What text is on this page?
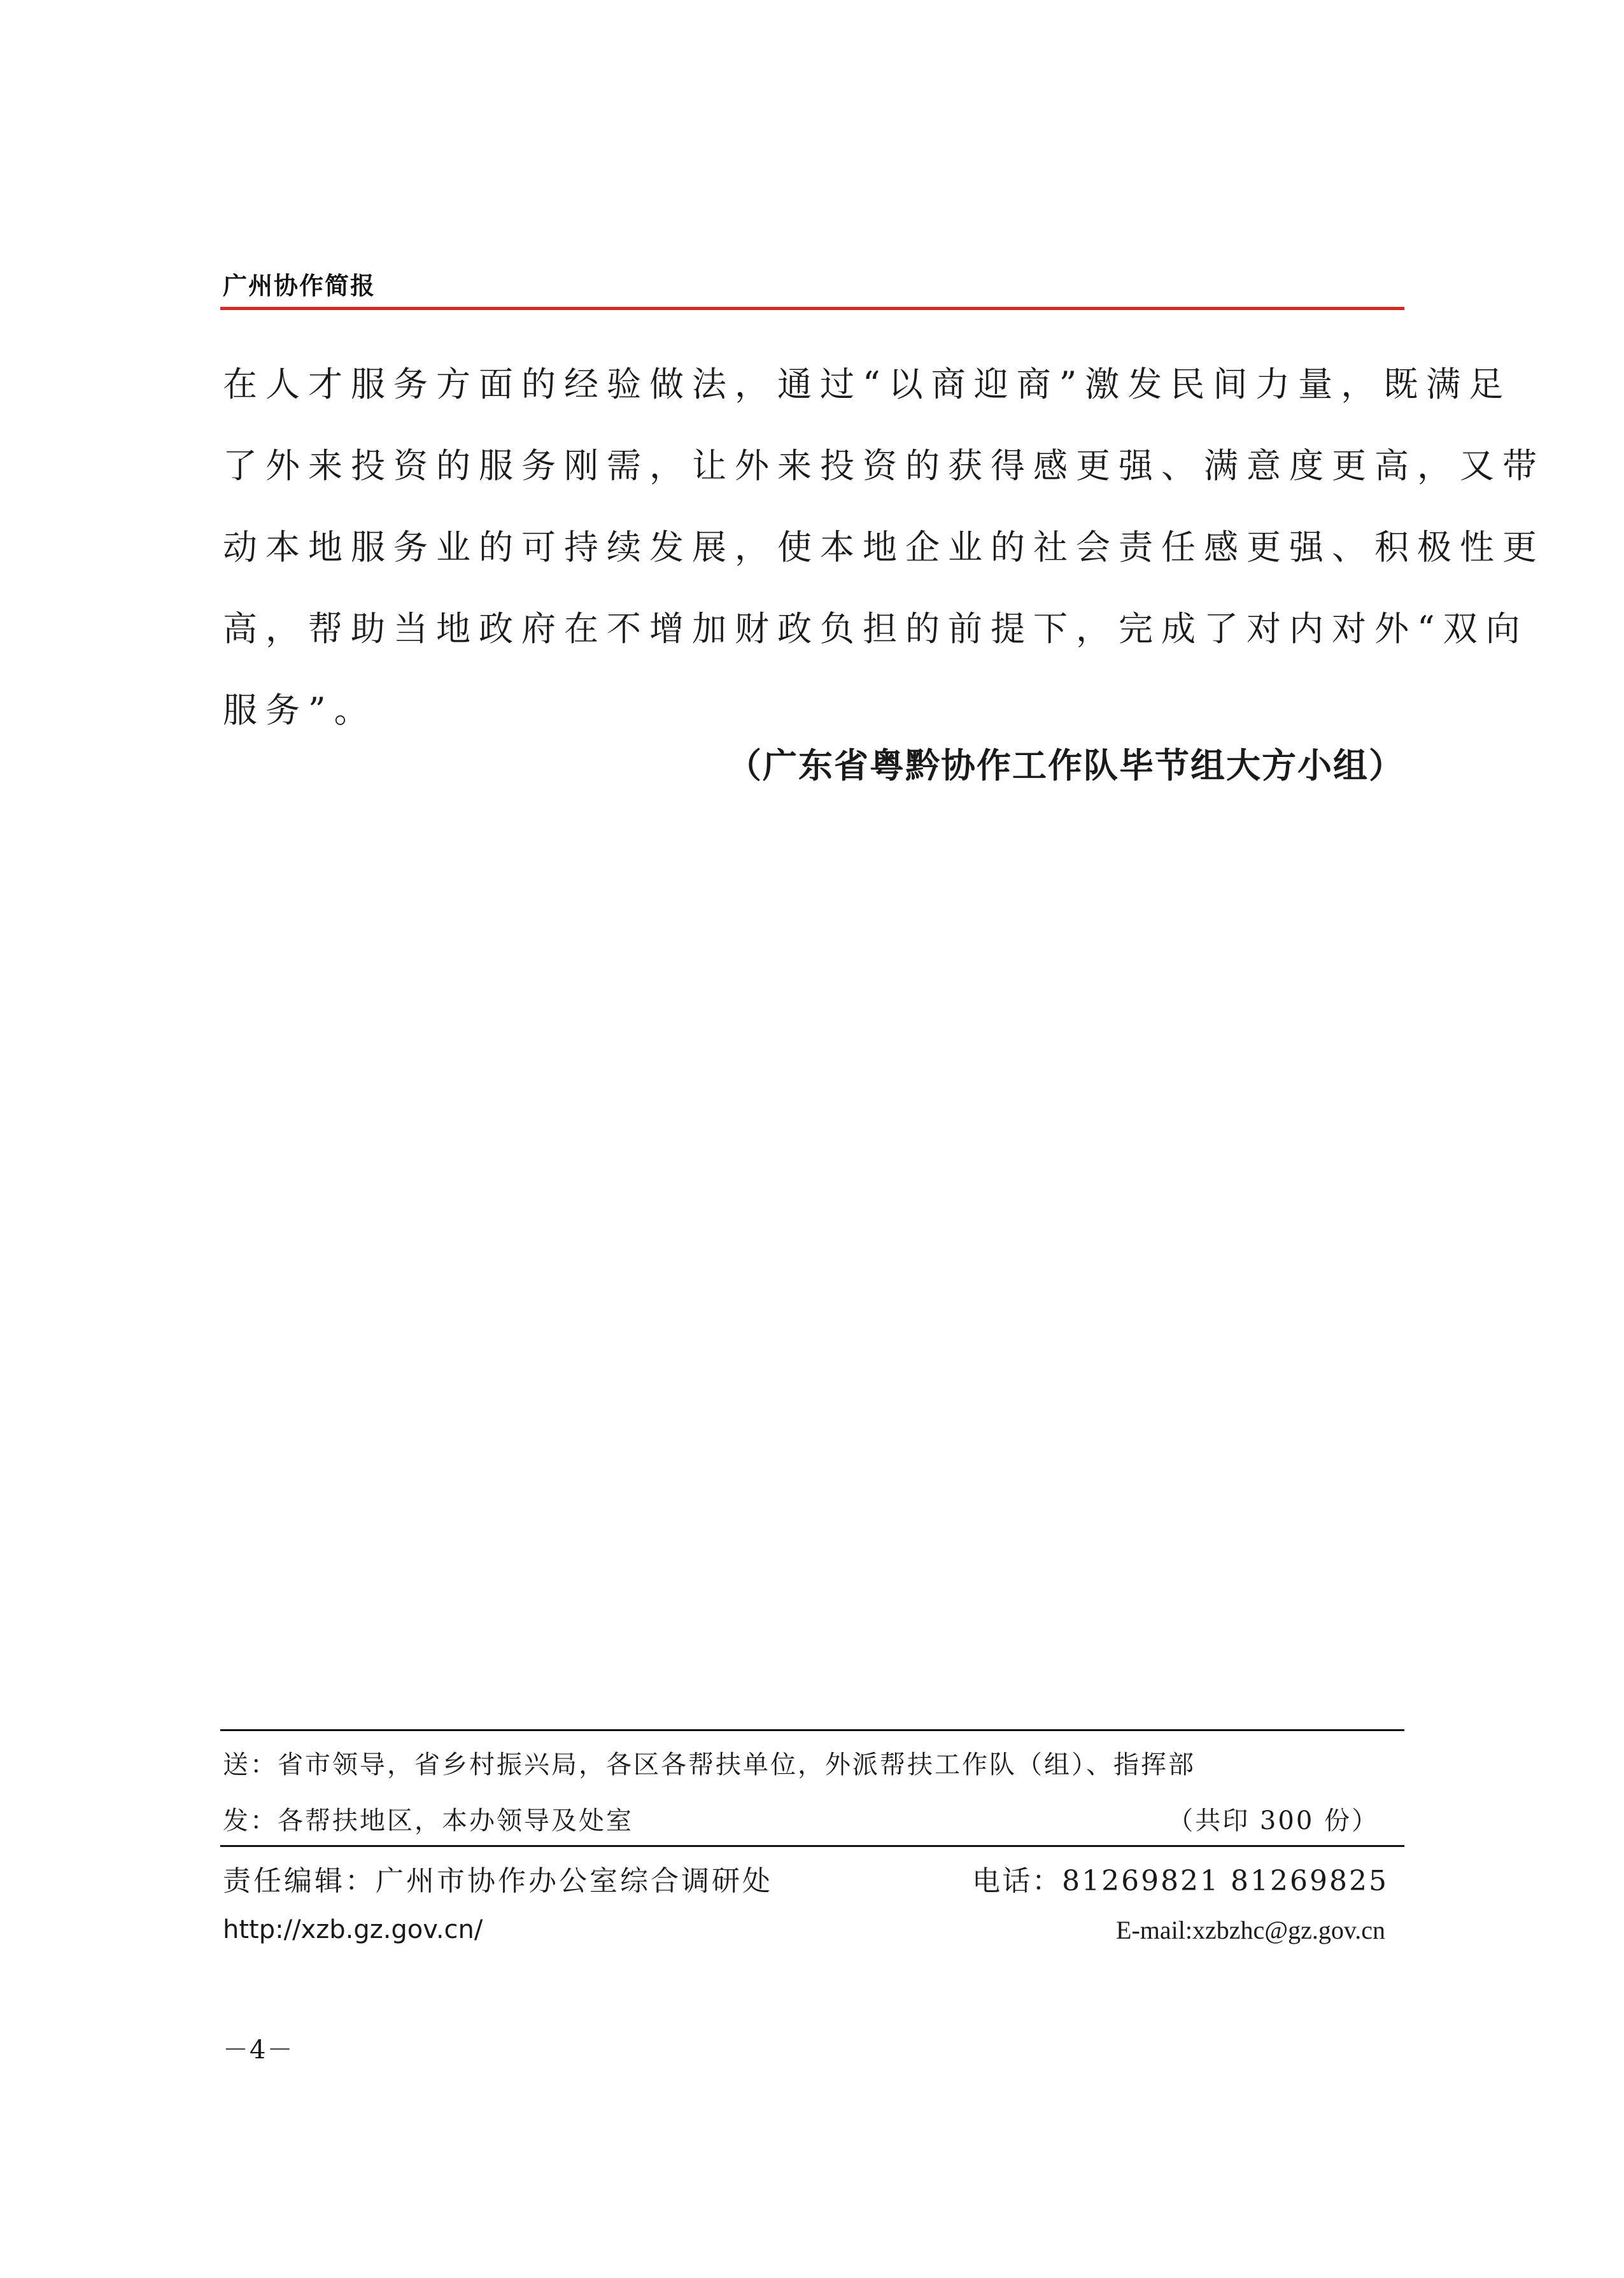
广州协作简报
在人才服务方面的经验做法，通过“以商迎商”激发民间力量，既满足
了外来投资的服务刚需，让外来投资的获得感更强、满意度更高，又带
动本地服务业的可持续发展，使本地企业的社会责任感更强、积极性更
高，帮助当地政府在不增加财政负担的前提下，完成了对内对外“双向
服务”。
（广东省粤黔协作工作队毕节组大方小组）
送：省市领导，省乡村振兴局，各区各帮扶单位，外派帮扶工作队（组）、指挥部
发：各帮扶地区，本办领导及处室	（共印 300 份）
责任编辑：广州市协作办公室综合调研处	电话：81269821 81269825
http://xzb.gz.gov.cn/	E-mail:xzbzhc@gz.gov.cn
－4－
